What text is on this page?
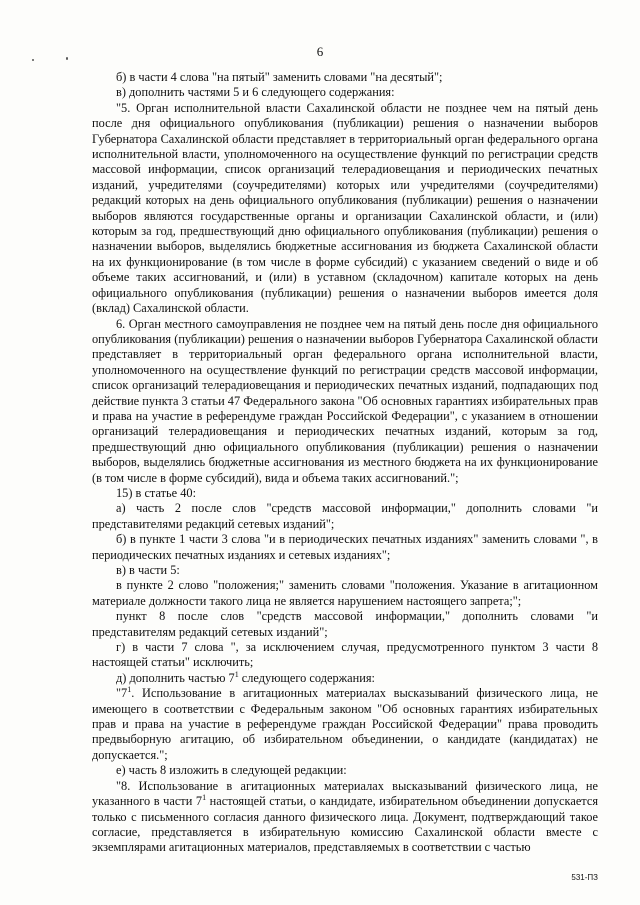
6

б) в части 4 слова "на пятый" заменить словами "на десятый";

в) дополнить частями 5 и 6 следующего содержания:

"5. Орган исполнительной власти Сахалинской области не позднее чем на пятый день после дня официального опубликования (публикации) решения о назначении выборов Губернатора Сахалинской области представляет в территориальный орган федерального органа исполнительной власти, уполномоченного на осуществление функций по регистрации средств массовой информации, список организаций телерадиовещания и периодических печатных изданий, учредителями (соучредителями) которых или учредителями (соучредителями) редакций которых на день официального опубликования (публикации) решения о назначении выборов являются государственные органы и организации Сахалинской области, и (или) которым за год, предшествующий дню официального опубликования (публикации) решения о назначении выборов, выделялись бюджетные ассигнования из бюджета Сахалинской области на их функционирование (в том числе в форме субсидий) с указанием сведений о виде и об объеме таких ассигнований, и (или) в уставном (складочном) капитале которых на день официального опубликования (публикации) решения о назначении выборов имеется доля (вклад) Сахалинской области.

6. Орган местного самоуправления не позднее чем на пятый день после дня официального опубликования (публикации) решения о назначении выборов Губернатора Сахалинской области представляет в территориальный орган федерального органа исполнительной власти, уполномоченного на осуществление функций по регистрации средств массовой информации, список организаций телерадиовещания и периодических печатных изданий, подпадающих под действие пункта 3 статьи 47 Федерального закона "Об основных гарантиях избирательных прав и права на участие в референдуме граждан Российской Федерации", с указанием в отношении организаций телерадиовещания и периодических печатных изданий, которым за год, предшествующий дню официального опубликования (публикации) решения о назначении выборов, выделялись бюджетные ассигнования из местного бюджета на их функционирование (в том числе в форме субсидий), вида и объема таких ассигнований.";

15) в статье 40:

а) часть 2 после слов "средств массовой информации," дополнить словами "и представителями редакций сетевых изданий";

б) в пункте 1 части 3 слова "и в периодических печатных изданиях" заменить словами ", в периодических печатных изданиях и сетевых изданиях";

в) в части 5:

в пункте 2 слово "положения;" заменить словами "положения. Указание в агитационном материале должности такого лица не является нарушением настоящего запрета;";

пункт 8 после слов "средств массовой информации," дополнить словами "и представителям редакций сетевых изданий";

г) в части 7 слова ", за исключением случая, предусмотренного пунктом 3 части 8 настоящей статьи" исключить;

д) дополнить частью $7^1$ следующего содержания:

"$7^1$. Использование в агитационных материалах высказываний физического лица, не имеющего в соответствии с Федеральным законом "Об основных гарантиях избирательных прав и права на участие в референдуме граждан Российской Федерации" права проводить предвыборную агитацию, об избирательном объединении, о кандидате (кандидатах) не допускается.";

е) часть 8 изложить в следующей редакции:

"8. Использование в агитационных материалах высказываний физического лица, не указанного в части $7^1$ настоящей статьи, о кандидате, избирательном объединении допускается только с письменного согласия данного физического лица. Документ, подтверждающий такое согласие, представляется в избирательную комиссию Сахалинской области вместе с экземплярами агитационных материалов, представляемых в соответствии с частью

531-ПЗ
